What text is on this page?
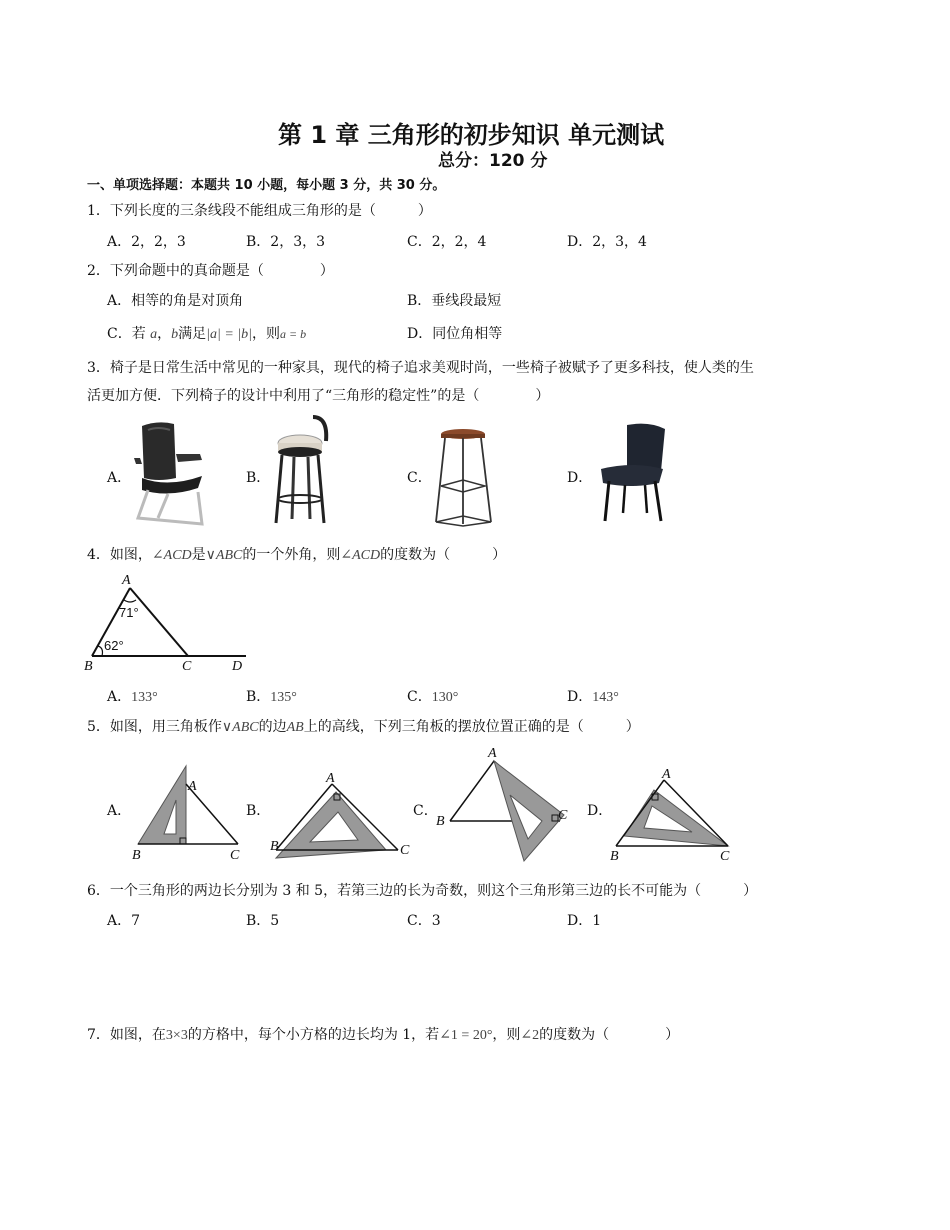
第 1 章 三角形的初步知识 单元测试
总分：120 分
一、单项选择题：本题共 10 小题，每小题 3 分，共 30 分。
1．下列长度的三条线段不能组成三角形的是（　　　）
A．2，2，3	B．2，3，3	C．2，2，4	D．2，3，4
2．下列命题中的真命题是（　　　　）
A．相等的角是对顶角	B．垂线段最短
C．若 a，b满足|a| = |b|，则a = b	D．同位角相等
3．椅子是日常生活中常见的一种家具，现代的椅子追求美观时尚，一些椅子被赋予了更多科技，使人类的生
活更加方便．下列椅子的设计中利用了“三角形的稳定性”的是（　　　　）
A．	B．	C．	D．
4．如图，∠ACD是∨ABC的一个外角，则∠ACD的度数为（　　　）
A
B	C	D
71°
62°
A．133°	B．135°	C．130°	D．143°
5．如图，用三角板作∨ABC的边AB上的高线，下列三角板的摆放位置正确的是（　　　）
A．	B．	C．	D．
A
B	C
A
B	C
A
B	C
A
B	C
6．一个三角形的两边长分别为 3 和 5，若第三边的长为奇数，则这个三角形第三边的长不可能为（　　　）
A．7	B．5	C．3	D．1
7．如图，在3×3的方格中，每个小方格的边长均为 1，若∠1 = 20°，则∠2的度数为（　　　　）
